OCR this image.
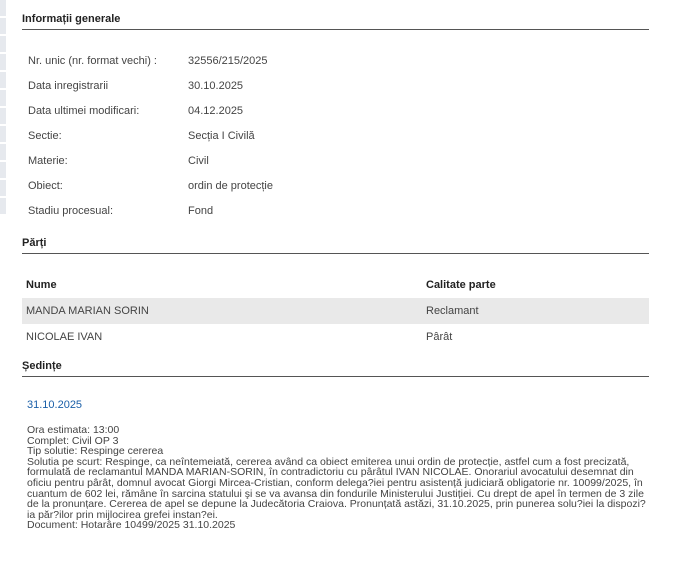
Informații generale
Nr. unic (nr. format vechi) :	32556/215/2025
Data inregistrarii	30.10.2025
Data ultimei modificari:	04.12.2025
Sectie:	Secția I Civilă
Materie:	Civil
Obiect:	ordin de protecție
Stadiu procesual:	Fond
Părți
Nume	Calitate parte
MANDA MARIAN SORIN	Reclamant
NICOLAE IVAN	Pârât
Ședințe
31.10.2025

Ora estimata: 13:00

Complet: Civil OP 3

Tip solutie: Respinge cererea

Solutia pe scurt: Respinge, ca neîntemeiată, cererea având ca obiect emiterea unui ordin de protecție, astfel cum a fost precizată, formulată de reclamantul MANDA MARIAN-SORIN, în contradictoriu cu pârâtul IVAN NICOLAE. Onorariul avocatului desemnat din oficiu pentru pârât, domnul avocat Giorgi Mircea-Cristian, conform delega?iei pentru asistență judiciară obligatorie nr. 10099/2025, în cuantum de 602 lei, rămâne în sarcina statului şi se va avansa din fondurile Ministerului Justiției. Cu drept de apel în termen de 3 zile de la pronunțare. Cererea de apel se depune la Judecătoria Craiova. Pronunțată astăzi, 31.10.2025, prin punerea solu?iei la dispozi?ia păr?ilor prin mijlocirea grefei instan?ei.

Document: Hotarâre 10499/2025 31.10.2025
